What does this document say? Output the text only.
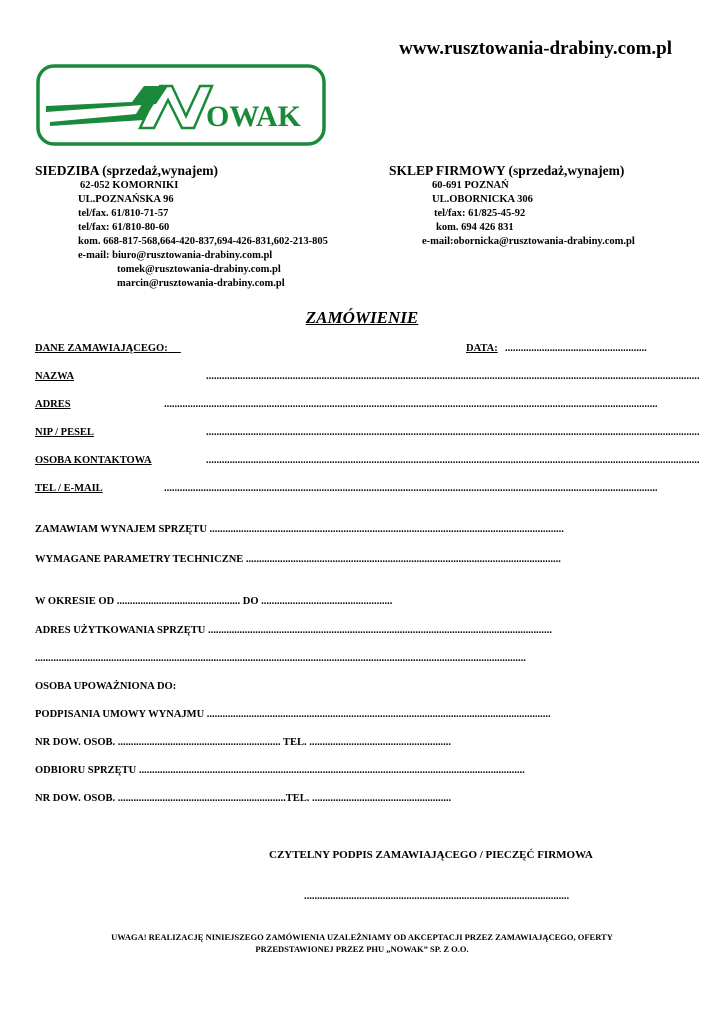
www.rusztowania-drabiny.com.pl
OWAK
SIEDZIBA (sprzedaż,wynajem)
62-052 KOMORNIKI
UL.POZNAŃSKA 96
tel/fax. 61/810-71-57
tel/fax: 61/810-80-60
kom. 668-817-568,664-420-837,694-426-831,602-213-805
e-mail: biuro@rusztowania-drabiny.com.pl
tomek@rusztowania-drabiny.com.pl
marcin@rusztowania-drabiny.com.pl
SKLEP FIRMOWY (sprzedaż,wynajem)
60-691 POZNAŃ
UL.OBORNICKA 306
tel/fax: 61/825-45-92
kom. 694 426 831
e-mail:obornicka@rusztowania-drabiny.com.pl
ZAMÓWIENIE
DANE ZAMAWIAJĄCEGO:	DATA: ......................................................
NAZWA	............................................................................................................................................................................................
ADRES	............................................................................................................................................................................................
NIP / PESEL	............................................................................................................................................................................................
OSOBA KONTAKTOWA	............................................................................................................................................................................................
TEL / E-MAIL	............................................................................................................................................................................................
ZAMAWIAM WYNAJEM SPRZĘTU .......................................................................................................................................
WYMAGANE PARAMETRY TECHNICZNE ........................................................................................................................
W OKRESIE OD ............................................... DO ..................................................
ADRES UŻYTKOWANIA SPRZĘTU ...................................................................................................................................
...........................................................................................................................................................................................
OSOBA UPOWAŻNIONA DO:
PODPISANIA UMOWY WYNAJMU ...................................................................................................................................
NR DOW. OSOB. .............................................................. TEL. ......................................................
ODBIORU SPRZĘTU ...................................................................................................................................................
NR DOW. OSOB. ................................................................TEL. .....................................................
CZYTELNY PODPIS ZAMAWIAJĄCEGO / PIECZĘĆ FIRMOWA
.....................................................................................................
UWAGA! REALIZACJĘ NINIEJSZEGO ZAMÓWIENIA UZALEŻNIAMY OD AKCEPTACJI PRZEZ ZAMAWIAJĄCEGO, OFERTY
PRZEDSTAWIONEJ PRZEZ PHU „NOWAK” SP. Z O.O.
